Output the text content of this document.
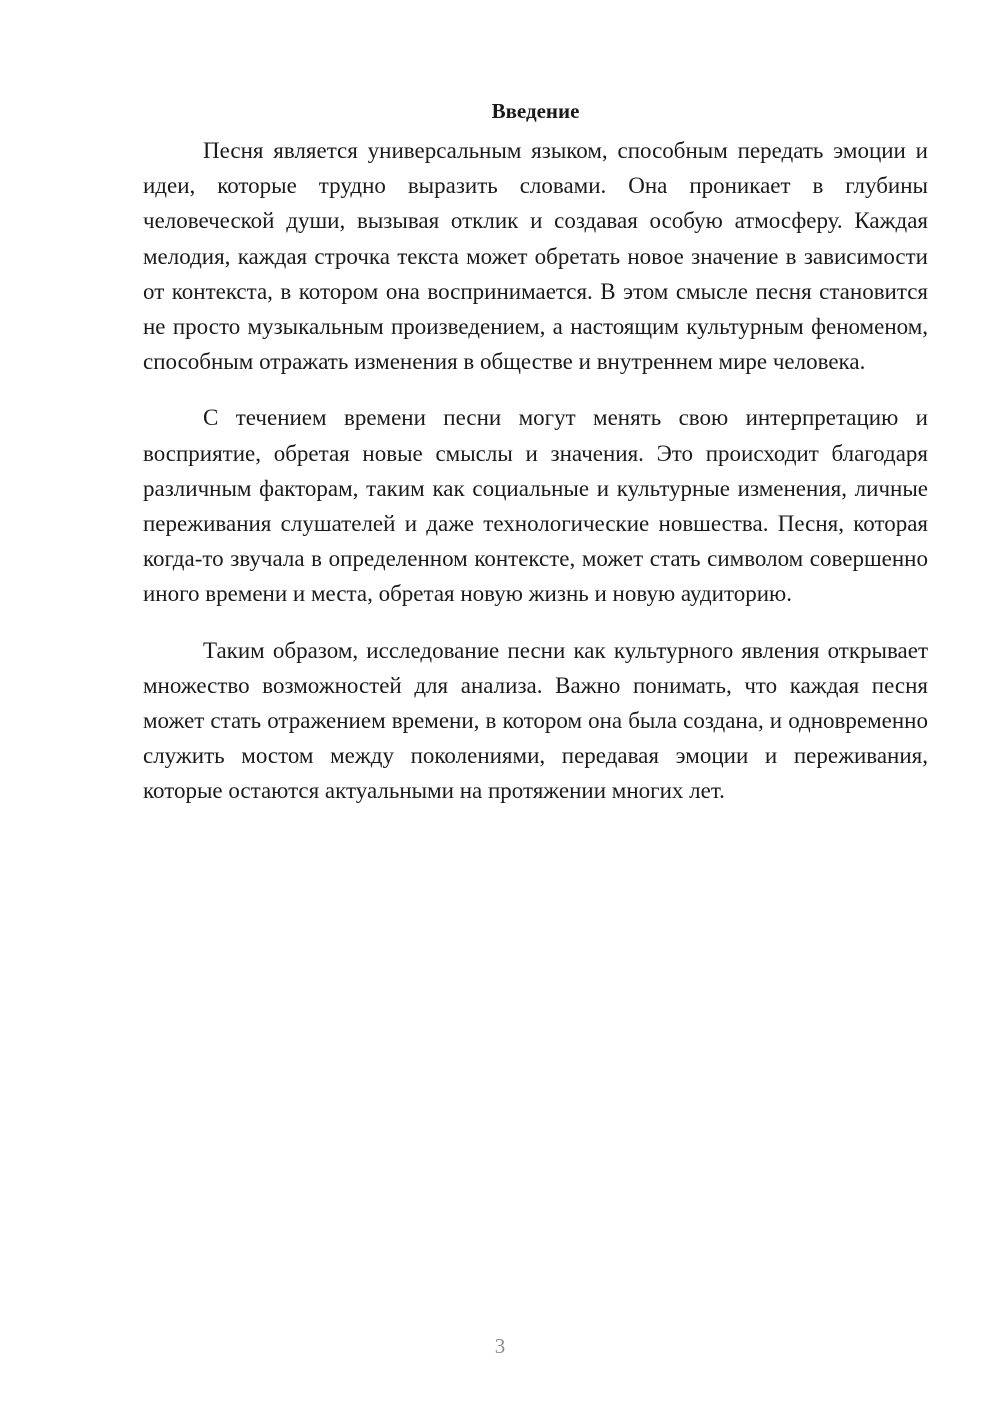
Введение

Песня является универсальным языком, способным передать эмоции и идеи, которые трудно выразить словами. Она проникает в глубины человеческой души, вызывая отклик и создавая особую атмосферу. Каждая мелодия, каждая строчка текста может обретать новое значение в зависимости от контекста, в котором она воспринимается. В этом смысле песня становится не просто музыкальным произведением, а настоящим культурным феноменом, способным отражать изменения в обществе и внутреннем мире человека.

С течением времени песни могут менять свою интерпретацию и восприятие, обретая новые смыслы и значения. Это происходит благодаря различным факторам, таким как социальные и культурные изменения, личные переживания слушателей и даже технологические новшества. Песня, которая когда-то звучала в определенном контексте, может стать символом совершенно иного времени и места, обретая новую жизнь и новую аудиторию.

Таким образом, исследование песни как культурного явления открывает множество возможностей для анализа. Важно понимать, что каждая песня может стать отражением времени, в котором она была создана, и одновременно служить мостом между поколениями, передавая эмоции и переживания, которые остаются актуальными на протяжении многих лет.

3
